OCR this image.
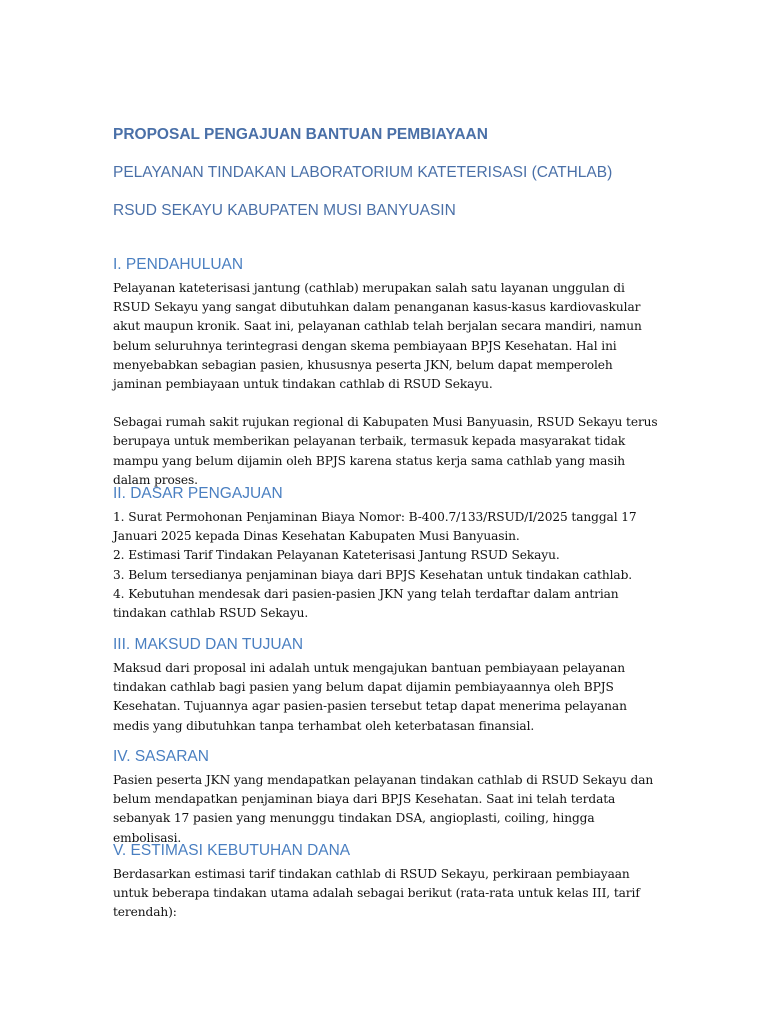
PROPOSAL PENGAJUAN BANTUAN PEMBIAYAAN
PELAYANAN TINDAKAN LABORATORIUM KATETERISASI (CATHLAB)
RSUD SEKAYU KABUPATEN MUSI BANYUASIN
I. PENDAHULUAN

Pelayanan kateterisasi jantung (cathlab) merupakan salah satu layanan unggulan di RSUD Sekayu yang sangat dibutuhkan dalam penanganan kasus-kasus kardiovaskular akut maupun kronik. Saat ini, pelayanan cathlab telah berjalan secara mandiri, namun belum seluruhnya terintegrasi dengan skema pembiayaan BPJS Kesehatan. Hal ini menyebabkan sebagian pasien, khususnya peserta JKN, belum dapat memperoleh jaminan pembiayaan untuk tindakan cathlab di RSUD Sekayu.

Sebagai rumah sakit rujukan regional di Kabupaten Musi Banyuasin, RSUD Sekayu terus berupaya untuk memberikan pelayanan terbaik, termasuk kepada masyarakat tidak mampu yang belum dijamin oleh BPJS karena status kerja sama cathlab yang masih dalam proses.

II. DASAR PENGAJUAN

1. Surat Permohonan Penjaminan Biaya Nomor: B-400.7/133/RSUD/I/2025 tanggal 17 Januari 2025 kepada Dinas Kesehatan Kabupaten Musi Banyuasin.

2. Estimasi Tarif Tindakan Pelayanan Kateterisasi Jantung RSUD Sekayu.

3. Belum tersedianya penjaminan biaya dari BPJS Kesehatan untuk tindakan cathlab.

4. Kebutuhan mendesak dari pasien-pasien JKN yang telah terdaftar dalam antrian tindakan cathlab RSUD Sekayu.

III. MAKSUD DAN TUJUAN

Maksud dari proposal ini adalah untuk mengajukan bantuan pembiayaan pelayanan tindakan cathlab bagi pasien yang belum dapat dijamin pembiayaannya oleh BPJS Kesehatan. Tujuannya agar pasien-pasien tersebut tetap dapat menerima pelayanan medis yang dibutuhkan tanpa terhambat oleh keterbatasan finansial.

IV. SASARAN

Pasien peserta JKN yang mendapatkan pelayanan tindakan cathlab di RSUD Sekayu dan belum mendapatkan penjaminan biaya dari BPJS Kesehatan. Saat ini telah terdata sebanyak 17 pasien yang menunggu tindakan DSA, angioplasti, coiling, hingga embolisasi.

V. ESTIMASI KEBUTUHAN DANA

Berdasarkan estimasi tarif tindakan cathlab di RSUD Sekayu, perkiraan pembiayaan untuk beberapa tindakan utama adalah sebagai berikut (rata-rata untuk kelas III, tarif terendah):
